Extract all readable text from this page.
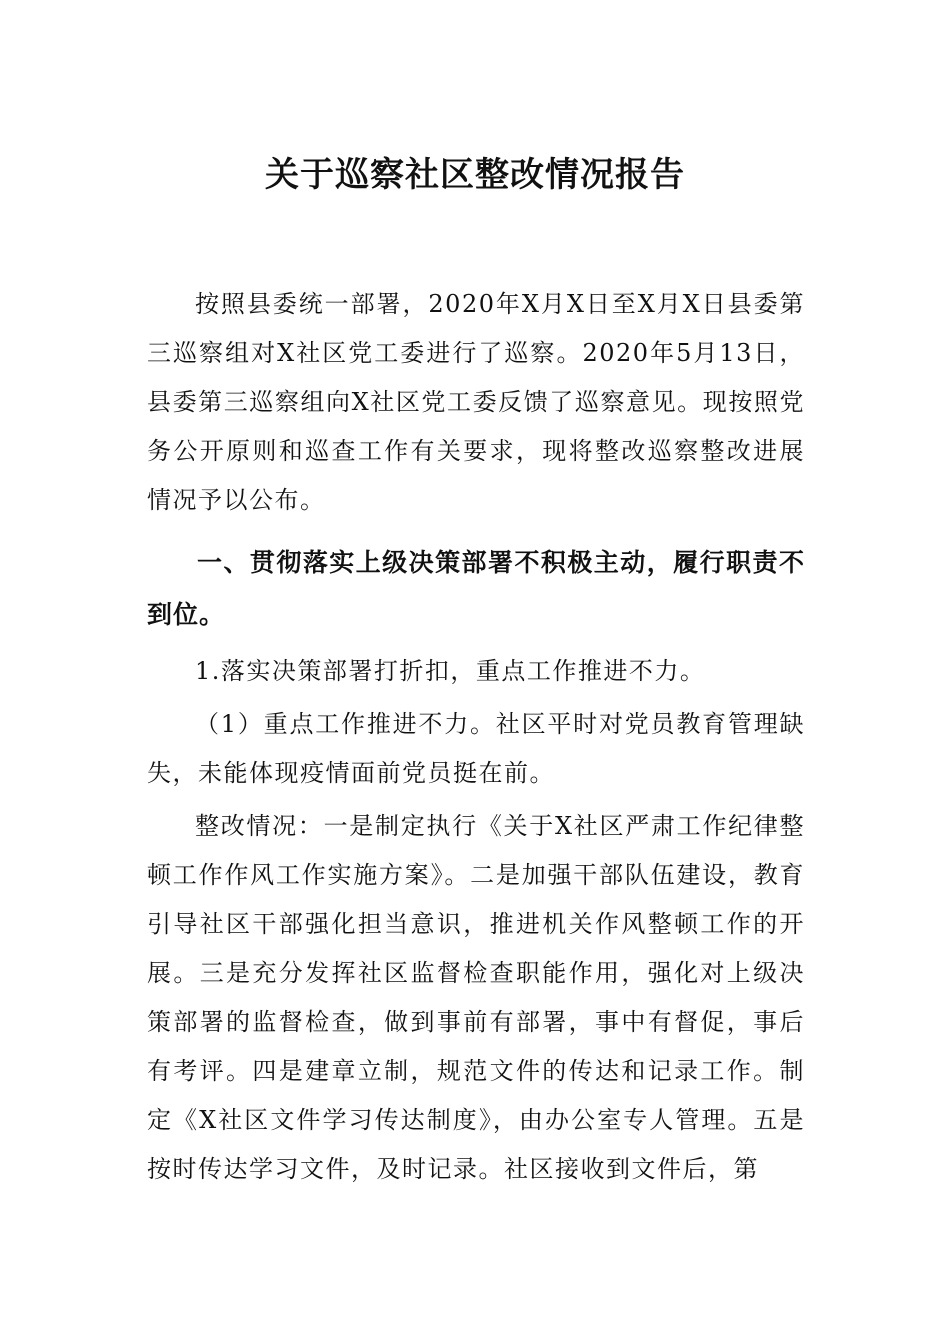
关于巡察社区整改情况报告

按照县委统一部署，2020年X月X日至X月X日县委第三巡察组对X社区党工委进行了巡察。2020年5月13日，县委第三巡察组向X社区党工委反馈了巡察意见。现按照党务公开原则和巡查工作有关要求，现将整改巡察整改进展情况予以公布。

一、贯彻落实上级决策部署不积极主动，履行职责不到位。

1.落实决策部署打折扣，重点工作推进不力。

（1）重点工作推进不力。社区平时对党员教育管理缺失，未能体现疫情面前党员挺在前。

整改情况：一是制定执行《关于X社区严肃工作纪律整顿工作作风工作实施方案》。二是加强干部队伍建设，教育引导社区干部强化担当意识，推进机关作风整顿工作的开展。三是充分发挥社区监督检查职能作用，强化对上级决策部署的监督检查，做到事前有部署，事中有督促，事后有考评。四是建章立制，规范文件的传达和记录工作。制定《X社区文件学习传达制度》，由办公室专人管理。五是按时传达学习文件，及时记录。社区接收到文件后，第
